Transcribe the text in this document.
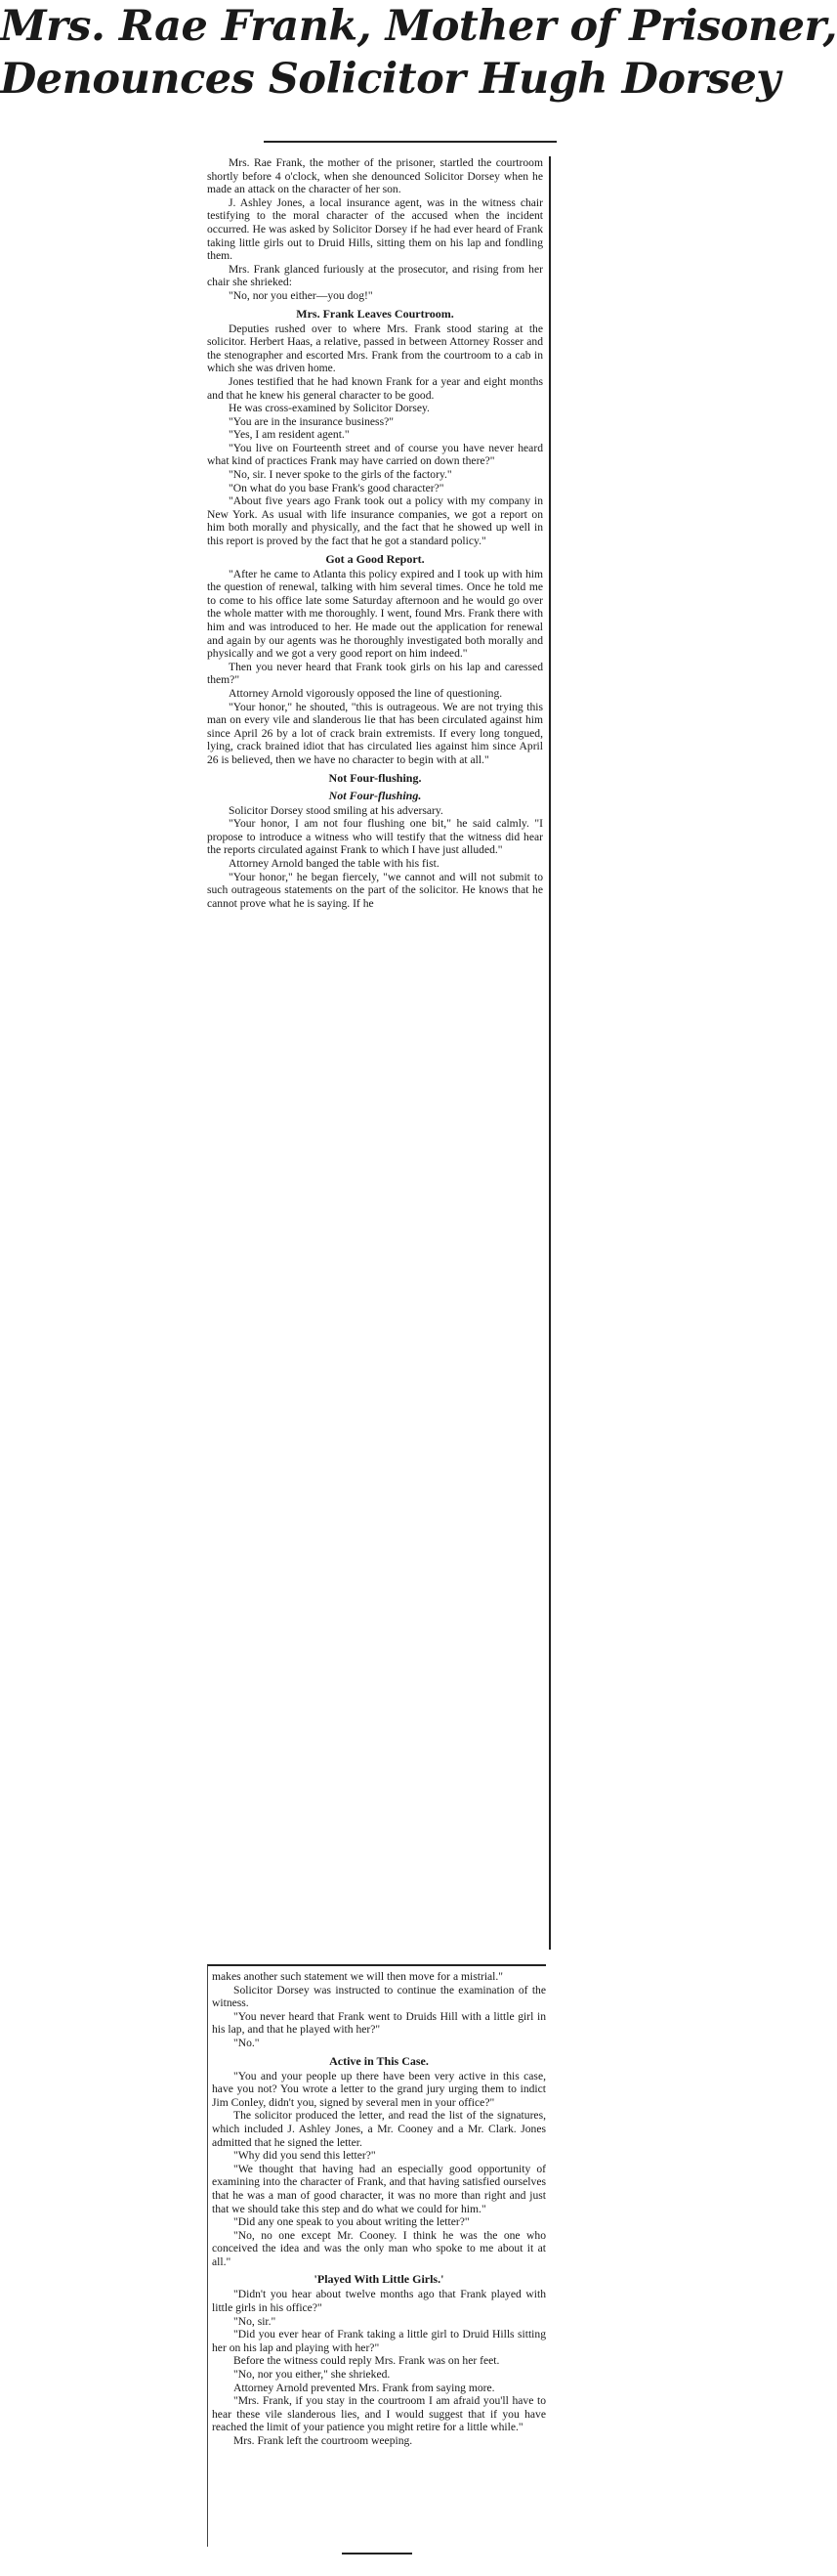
Mrs. Rae Frank, Mother of Prisoner,
Denounces Solicitor Hugh Dorsey

Mrs. Rae Frank, the mother of the prisoner, startled the courtroom shortly before 4 o'clock, when she denounced Solicitor Dorsey when he made an attack on the character of her son.

J. Ashley Jones, a local insurance agent, was in the witness chair testifying to the moral character of the accused when the incident occurred. He was asked by Solicitor Dorsey if he had ever heard of Frank taking little girls out to Druid Hills, sitting them on his lap and fondling them.

Mrs. Frank glanced furiously at the prosecutor, and rising from her chair she shrieked:

"No, nor you either—you dog!"

Mrs. Frank Leaves Courtroom.

Deputies rushed over to where Mrs. Frank stood staring at the solicitor. Herbert Haas, a relative, passed in between Attorney Rosser and the stenographer and escorted Mrs. Frank from the courtroom to a cab in which she was driven home.

Jones testified that he had known Frank for a year and eight months and that he knew his general character to be good.

He was cross-examined by Solicitor Dorsey.

"You are in the insurance business?"

"Yes, I am resident agent."

"You live on Fourteenth street and of course you have never heard what kind of practices Frank may have carried on down there?"

"No, sir. I never spoke to the girls of the factory."

"On what do you base Frank's good character?"

"About five years ago Frank took out a policy with my company in New York. As usual with life insurance companies, we got a report on him both morally and physically, and the fact that he showed up well in this report is proved by the fact that he got a standard policy."

Got a Good Report.

"After he came to Atlanta this policy expired and I took up with him the question of renewal, talking with him several times. Once he told me to come to his office late some Saturday afternoon and he would go over the whole matter with me thoroughly. I went, found Mrs. Frank there with him and was introduced to her. He made out the application for renewal and again by our agents was he thoroughly investigated both morally and physically and we got a very good report on him indeed."

Then you never heard that Frank took girls on his lap and caressed them?"

Attorney Arnold vigorously opposed the line of questioning.

"Your honor," he shouted, "this is outrageous. We are not trying this man on every vile and slanderous lie that has been circulated against him since April 26 by a lot of crack brain extremists. If every long tongued, lying, crack brained idiot that has circulated lies against him since April 26 is believed, then we have no character to begin with at all."

Not Four-flushing.
Not Four-flushing.

Solicitor Dorsey stood smiling at his adversary.

"Your honor, I am not four flushing one bit," he said calmly. "I propose to introduce a witness who will testify that the witness did hear the reports circulated against Frank to which I have just alluded."

Attorney Arnold banged the table with his fist.

"Your honor," he began fiercely, "we cannot and will not submit to such outrageous statements on the part of the solicitor. He knows that he cannot prove what he is saying. If he

makes another such statement we will then move for a mistrial."

Solicitor Dorsey was instructed to continue the examination of the witness.

"You never heard that Frank went to Druids Hill with a little girl in his lap, and that he played with her?"

"No."

Active in This Case.

"You and your people up there have been very active in this case, have you not? You wrote a letter to the grand jury urging them to indict Jim Conley, didn't you, signed by several men in your office?"

The solicitor produced the letter, and read the list of the signatures, which included J. Ashley Jones, a Mr. Cooney and a Mr. Clark. Jones admitted that he signed the letter.

"Why did you send this letter?"

"We thought that having had an especially good opportunity of examining into the character of Frank, and that having satisfied ourselves that he was a man of good character, it was no more than right and just that we should take this step and do what we could for him."

"Did any one speak to you about writing the letter?"

"No, no one except Mr. Cooney. I think he was the one who conceived the idea and was the only man who spoke to me about it at all."

'Played With Little Girls.'

"Didn't you hear about twelve months ago that Frank played with little girls in his office?"

"No, sir."

"Did you ever hear of Frank taking a little girl to Druid Hills sitting her on his lap and playing with her?"

Before the witness could reply Mrs. Frank was on her feet.

"No, nor you either," she shrieked.

Attorney Arnold prevented Mrs. Frank from saying more.

"Mrs. Frank, if you stay in the courtroom I am afraid you'll have to hear these vile slanderous lies, and I would suggest that if you have reached the limit of your patience you might retire for a little while."

Mrs. Frank left the courtroom weeping.
